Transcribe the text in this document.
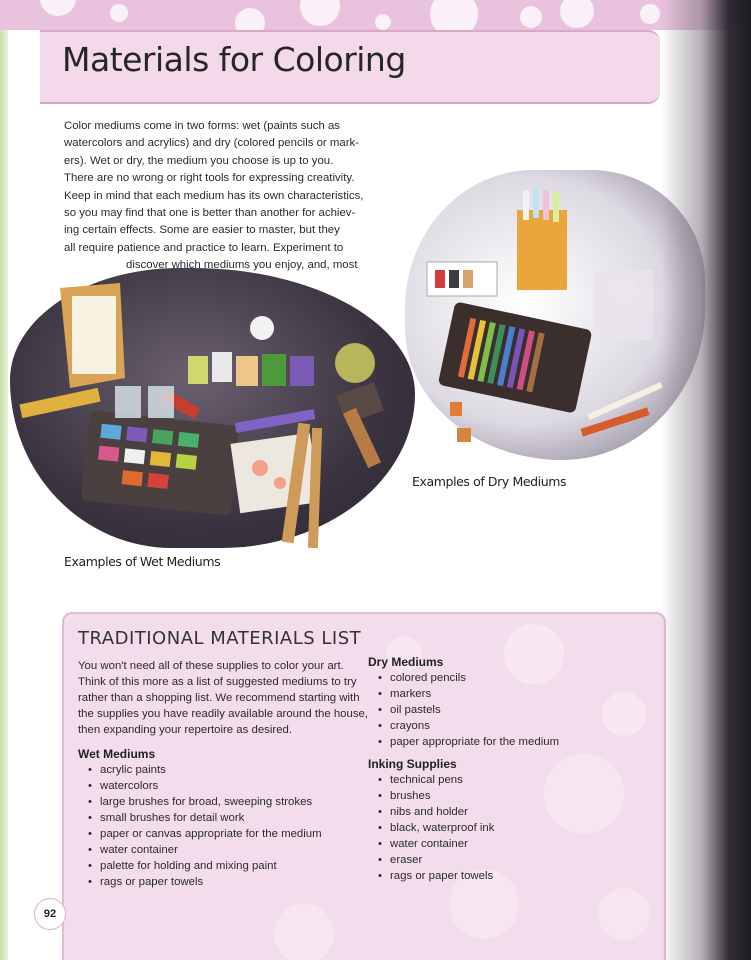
Materials for Coloring
Color mediums come in two forms: wet (paints such as
watercolors and acrylics) and dry (colored pencils or mark-
ers). Wet or dry, the medium you choose is up to you.
There are no wrong or right tools for expressing creativity.
Keep in mind that each medium has its own characteristics,
so you may find that one is better than another for achiev-
ing certain effects. Some are easier to master, but they
all require patience and practice to learn. Experiment to
discover which mediums you enjoy, and, most
Examples of Dry Mediums
Examples of Wet Mediums
TRADITIONAL MATERIALS LIST
You won't need all of these supplies to color your art.
Think of this more as a list of suggested mediums to try
rather than a shopping list. We recommend starting with
the supplies you have readily available around the house,
then expanding your repertoire as desired.
Wet Mediums
• acrylic paints
• watercolors
• large brushes for broad, sweeping strokes
• small brushes for detail work
• paper or canvas appropriate for the medium
• water container
• palette for holding and mixing paint
• rags or paper towels
Dry Mediums
• colored pencils
• markers
• oil pastels
• crayons
• paper appropriate for the medium
Inking Supplies
• technical pens
• brushes
• nibs and holder
• black, waterproof ink
• water container
• eraser
• rags or paper towels
92
